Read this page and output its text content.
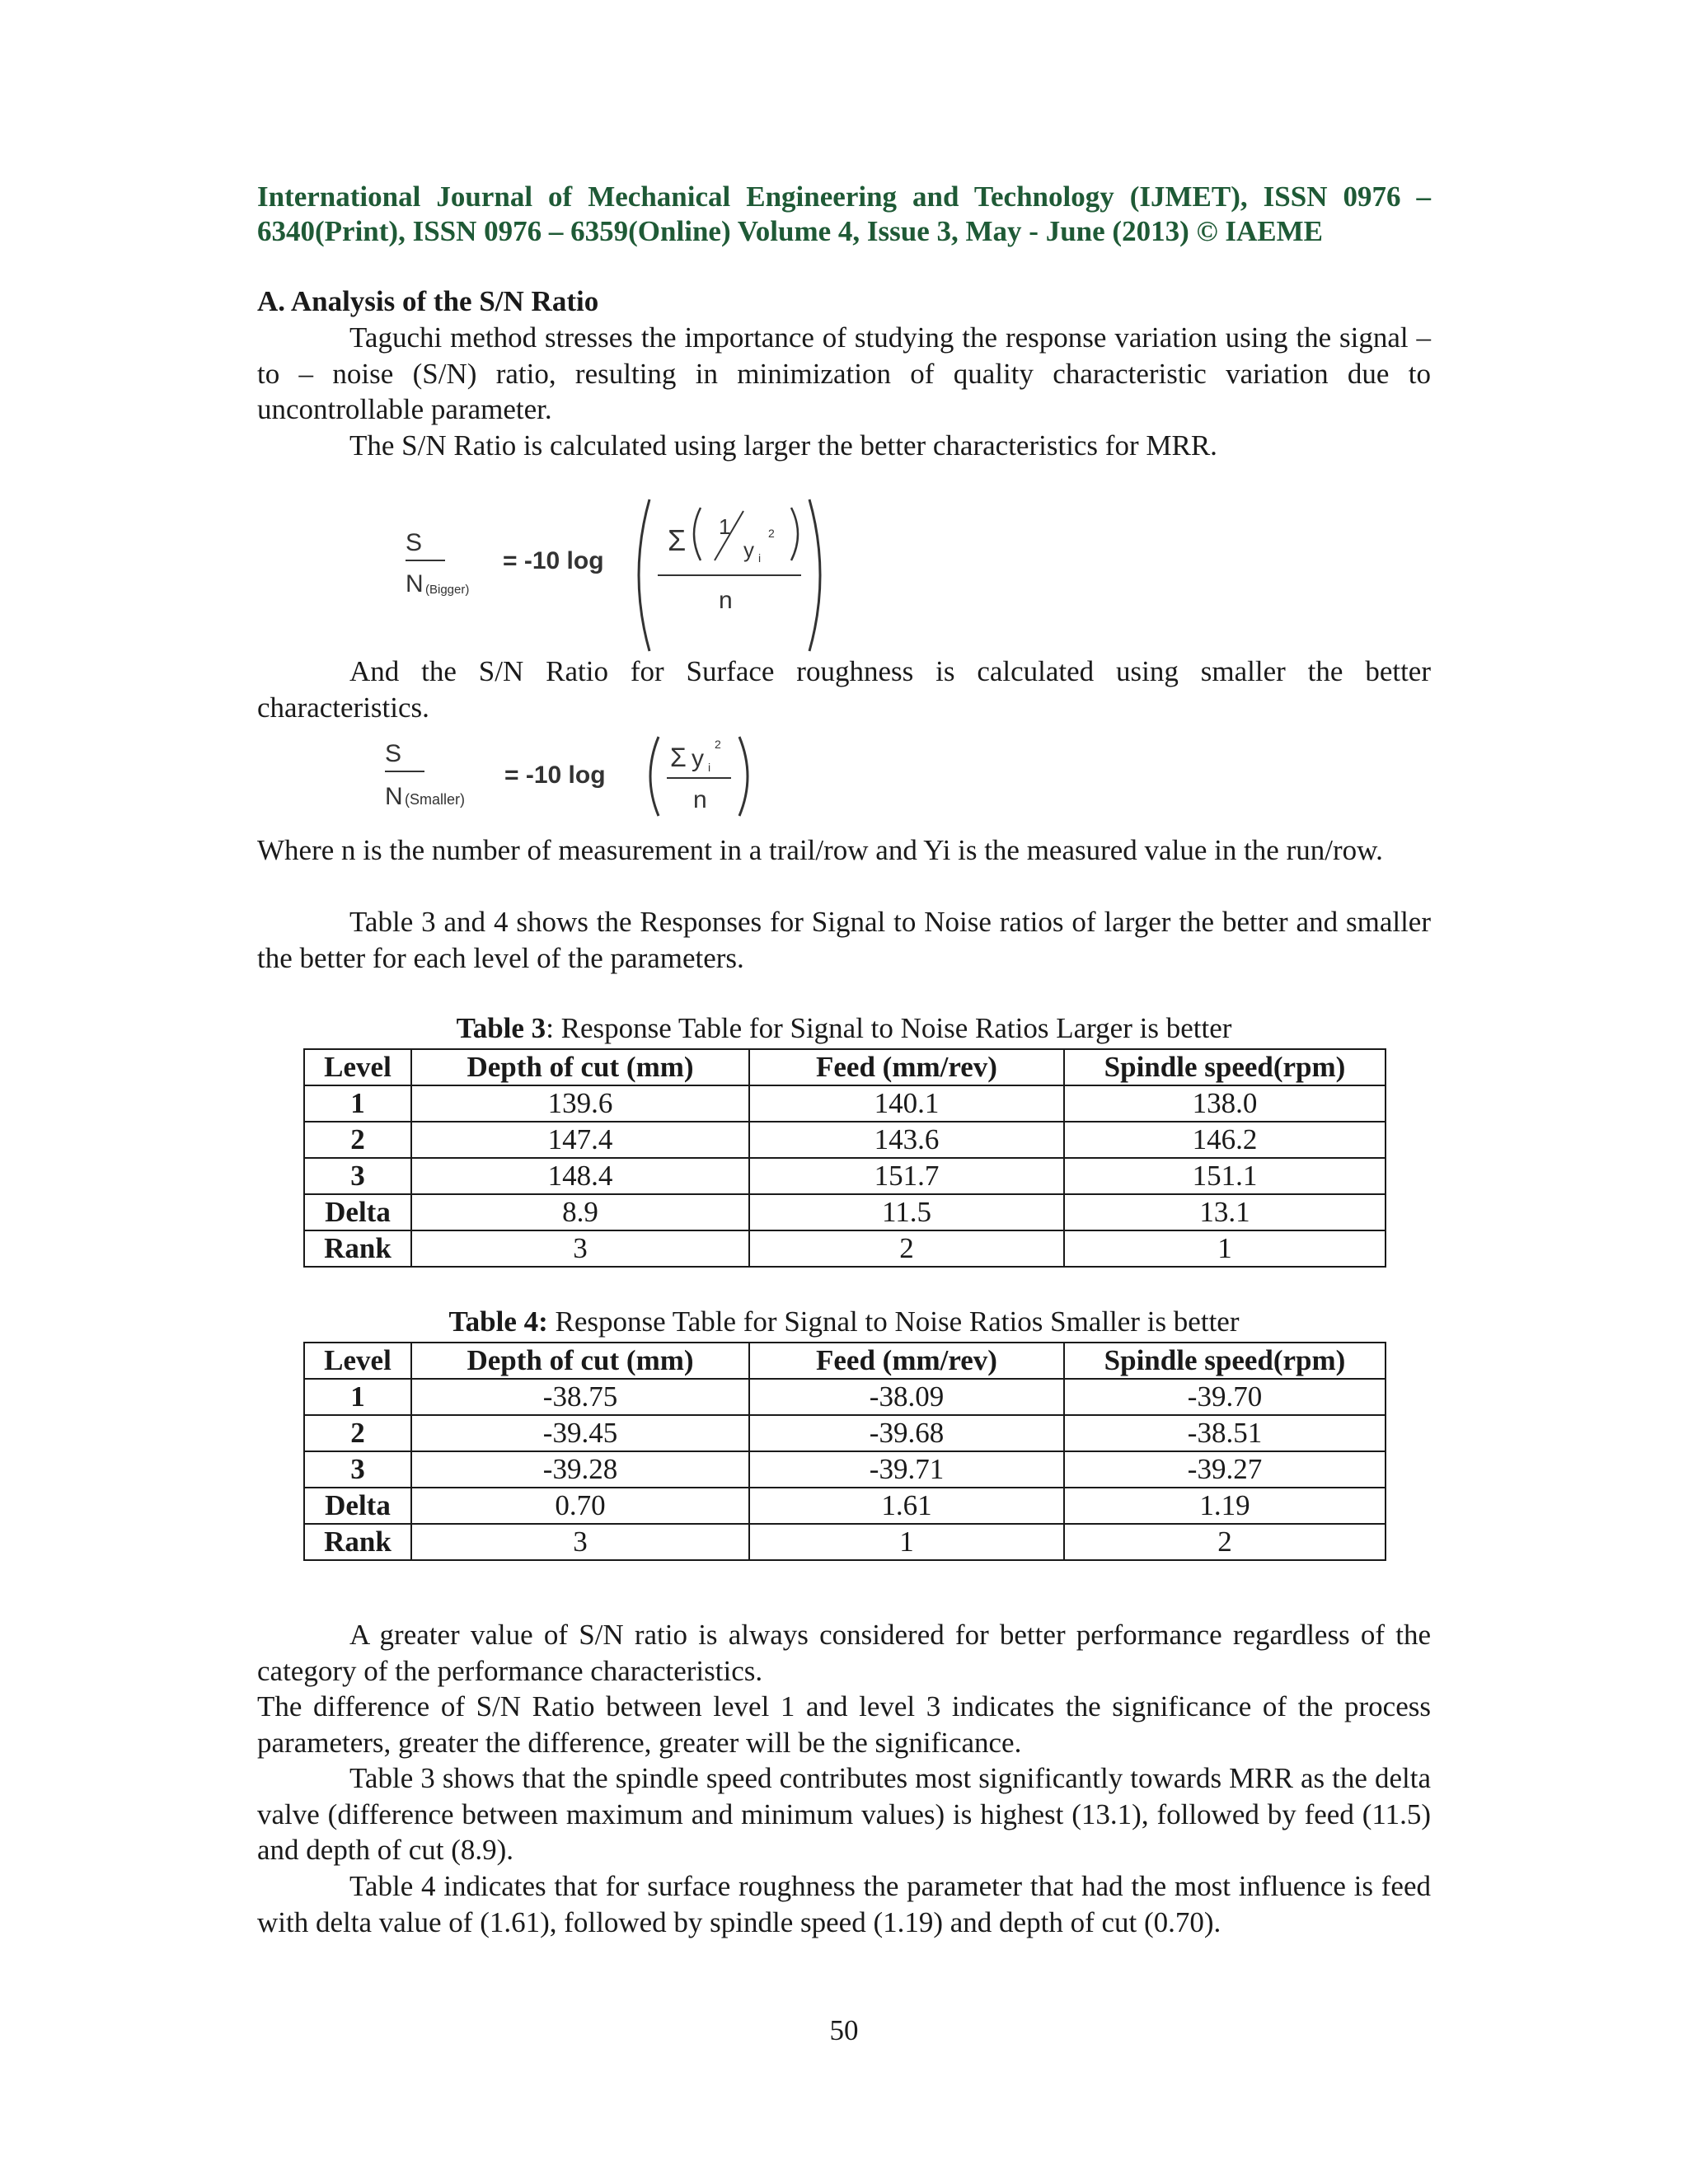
International Journal of Mechanical Engineering and Technology (IJMET), ISSN 0976 –
6340(Print), ISSN 0976 – 6359(Online) Volume 4, Issue 3, May - June (2013) © IAEME
A. Analysis of the S/N Ratio

Taguchi method stresses the importance of studying the response variation using the signal – to – noise (S/N) ratio, resulting in minimization of quality characteristic variation due to uncontrollable parameter.

The S/N Ratio is calculated using larger the better characteristics for MRR.

S
N (Bigger)
= -10 log
Σ 1
y i
2
n

And the S/N Ratio for Surface roughness is calculated using smaller the better characteristics.

S
N (Smaller)
= -10 log
Σ y i
2
n

Where n is the number of measurement in a trail/row and Yi is the measured value in the run/row.

Table 3 and 4 shows the Responses for Signal to Noise ratios of larger the better and smaller the better for each level of the parameters.

Table 3: Response Table for Signal to Noise Ratios Larger is better
Level	Depth of cut (mm)	Feed (mm/rev)	Spindle speed(rpm)
1	139.6	140.1	138.0
2	147.4	143.6	146.2
3	148.4	151.7	151.1
Delta	8.9	11.5	13.1
Rank	3	2	1
Table 4: Response Table for Signal to Noise Ratios Smaller is better
Level	Depth of cut (mm)	Feed (mm/rev)	Spindle speed(rpm)
1	-38.75	-38.09	-39.70
2	-39.45	-39.68	-38.51
3	-39.28	-39.71	-39.27
Delta	0.70	1.61	1.19
Rank	3	1	2

A greater value of S/N ratio is always considered for better performance regardless of the category of the performance characteristics.

The difference of S/N Ratio between level 1 and level 3 indicates the significance of the process parameters, greater the difference, greater will be the significance.

Table 3 shows that the spindle speed contributes most significantly towards MRR as the delta valve (difference between maximum and minimum values) is highest (13.1), followed by feed (11.5) and depth of cut (8.9).

Table 4 indicates that for surface roughness the parameter that had the most influence is feed with delta value of (1.61), followed by spindle speed (1.19) and depth of cut (0.70).

50
